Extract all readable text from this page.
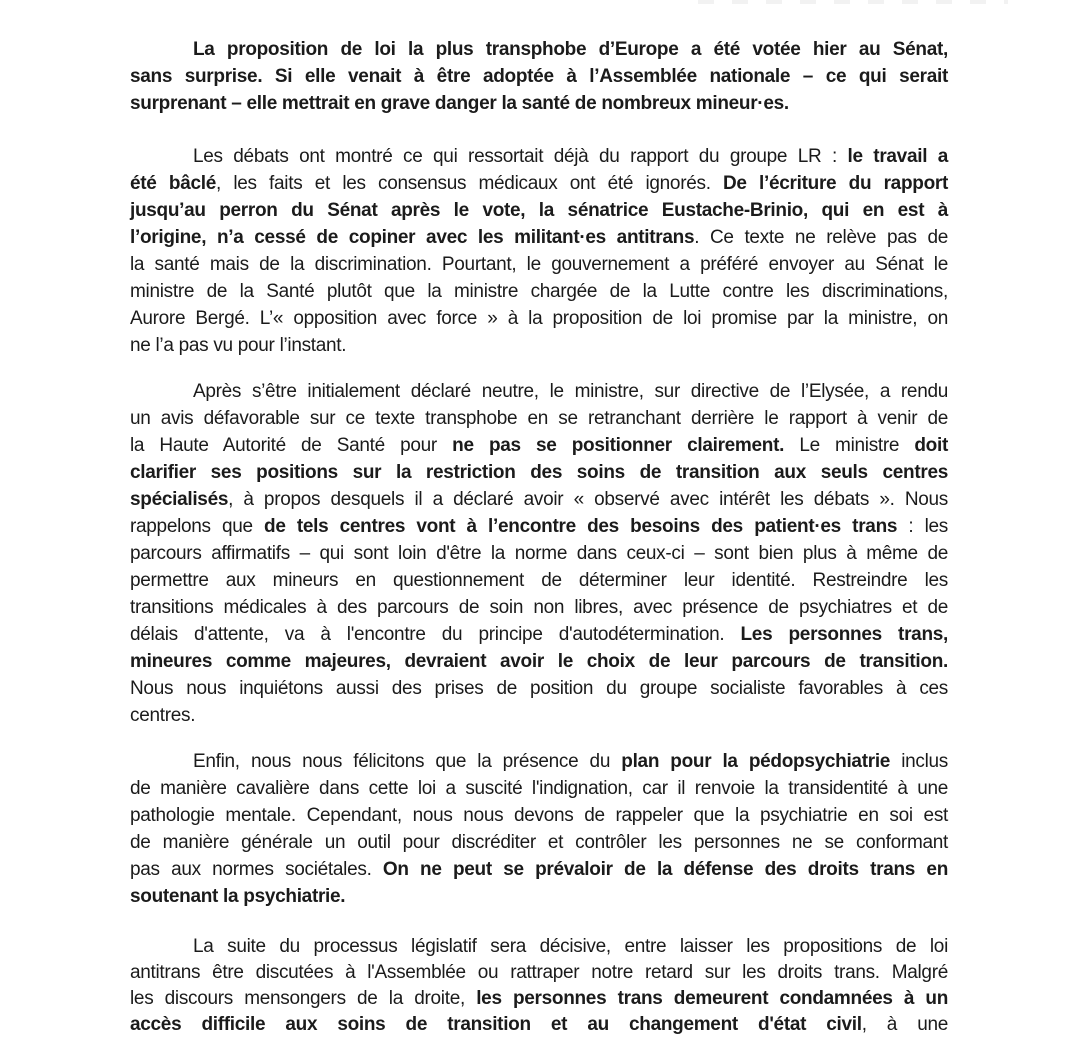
La proposition de loi la plus transphobe d’Europe a été votée hier au Sénat,
sans surprise. Si elle venait à être adoptée à l’Assemblée nationale – ce qui serait
surprenant – elle mettrait en grave danger la santé de nombreux mineur·es.
Les débats ont montré ce qui ressortait déjà du rapport du groupe LR : le travail a
été bâclé, les faits et les consensus médicaux ont été ignorés. De l’écriture du rapport
jusqu’au perron du Sénat après le vote, la sénatrice Eustache-Brinio, qui en est à
l’origine, n’a cessé de copiner avec les militant·es antitrans. Ce texte ne relève pas de
la santé mais de la discrimination. Pourtant, le gouvernement a préféré envoyer au Sénat le
ministre de la Santé plutôt que la ministre chargée de la Lutte contre les discriminations,
Aurore Bergé. L’« opposition avec force » à la proposition de loi promise par la ministre, on
ne l’a pas vu pour l’instant.
Après s’être initialement déclaré neutre, le ministre, sur directive de l’Elysée, a rendu
un avis défavorable sur ce texte transphobe en se retranchant derrière le rapport à venir de
la Haute Autorité de Santé pour ne pas se positionner clairement. Le ministre doit
clarifier ses positions sur la restriction des soins de transition aux seuls centres
spécialisés, à propos desquels il a déclaré avoir « observé avec intérêt les débats ». Nous
rappelons que de tels centres vont à l’encontre des besoins des patient·es trans : les
parcours affirmatifs – qui sont loin d'être la norme dans ceux-ci – sont bien plus à même de
permettre aux mineurs en questionnement de déterminer leur identité. Restreindre les
transitions médicales à des parcours de soin non libres, avec présence de psychiatres et de
délais d'attente, va à l'encontre du principe d'autodétermination. Les personnes trans,
mineures comme majeures, devraient avoir le choix de leur parcours de transition.
Nous nous inquiétons aussi des prises de position du groupe socialiste favorables à ces
centres.
Enfin, nous nous félicitons que la présence du plan pour la pédopsychiatrie inclus
de manière cavalière dans cette loi a suscité l'indignation, car il renvoie la transidentité à une
pathologie mentale. Cependant, nous nous devons de rappeler que la psychiatrie en soi est
de manière générale un outil pour discréditer et contrôler les personnes ne se conformant
pas aux normes sociétales. On ne peut se prévaloir de la défense des droits trans en
soutenant la psychiatrie.
La suite du processus législatif sera décisive, entre laisser les propositions de loi
antitrans être discutées à l'Assemblée ou rattraper notre retard sur les droits trans. Malgré
les discours mensongers de la droite, les personnes trans demeurent condamnées à un
accès difficile aux soins de transition et au changement d'état civil, à une
